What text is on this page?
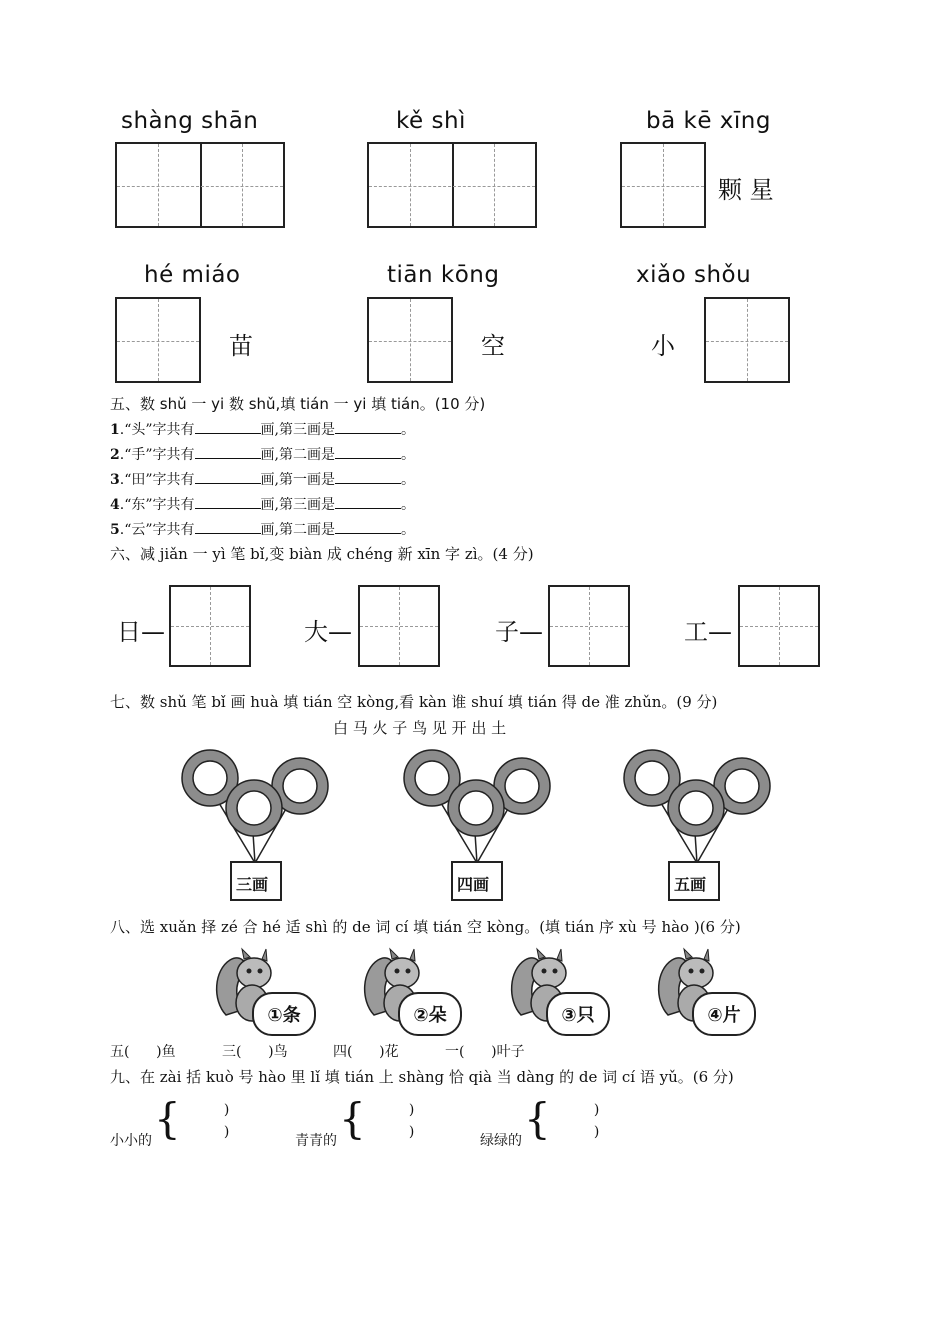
shàng shān	kě shì	bā kē xīng
颗 星
hé miáo
苗
tiān kōng
空
xiǎo shǒu
小
五、数 shǔ 一 yi 数 shǔ,填 tián 一 yi 填 tián。(10 分)
1.“头”字共有	画,第三画是	。
2.“手”字共有	画,第二画是	。
3.“田”字共有	画,第一画是	。
4.“东”字共有	画,第三画是	。
5.“云”字共有	画,第二画是	。
六、减 jiǎn 一 yì 笔 bǐ,变 biàn 成 chéng 新 xīn 字 zì。(4 分)
日—	大—	子—	工—
七、数 shǔ 笔 bǐ 画 huà 填 tián 空 kòng,看 kàn 谁 shuí 填 tián 得 de 准 zhǔn。(9 分)
白 马 火 子 鸟 见 开 出 土
三画	四画	五画
八、选 xuǎn 择 zé 合 hé 适 shì 的 de 词 cí 填 tián 空 kòng。(填 tián 序 xù 号 hào )(6 分)
①条	②朵	③只	④片
五(      )鱼	三(      )鸟	四(      )花	一(      )叶子
九、在 zài 括 kuò 号 hào 里 lǐ 填 tián 上 shàng 恰 qià 当 dàng 的 de 词 cí 语 yǔ。(6 分)
小小的 {
(            )
(            )
青青的 {
(            )
(            )
绿绿的 {
(            )
(            )
